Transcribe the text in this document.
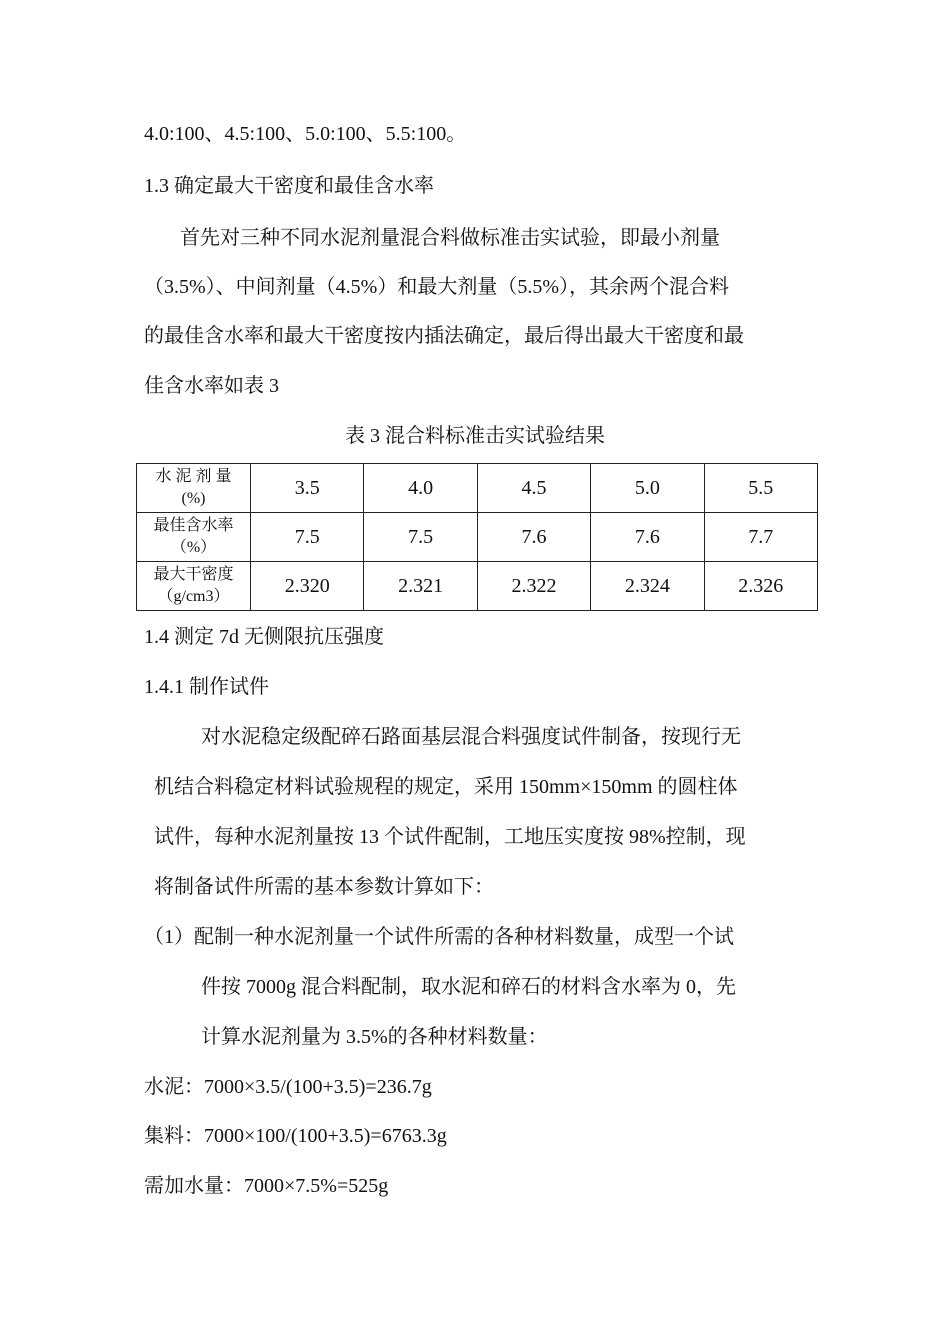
4.0:100、4.5:100、5.0:100、5.5:100。
1.3 确定最大干密度和最佳含水率
首先对三种不同水泥剂量混合料做标准击实试验，即最小剂量
（3.5%）、中间剂量（4.5%）和最大剂量（5.5%），其余两个混合料
的最佳含水率和最大干密度按内插法确定，最后得出最大干密度和最
佳含水率如表 3
表 3 混合料标准击实试验结果
水 泥 剂 量
(%)	3.5	4.0	4.5	5.0	5.5

最佳含水率
（%）	7.5	7.5	7.6	7.6	7.7

最大干密度
（g/cm3）	2.320	2.321	2.322	2.324	2.326
1.4 测定 7d 无侧限抗压强度
1.4.1 制作试件
对水泥稳定级配碎石路面基层混合料强度试件制备，按现行无
机结合料稳定材料试验规程的规定，采用 150mm×150mm 的圆柱体
试件，每种水泥剂量按 13 个试件配制，工地压实度按 98%控制，现
将制备试件所需的基本参数计算如下：
（1）配制一种水泥剂量一个试件所需的各种材料数量，成型一个试
件按 7000g 混合料配制，取水泥和碎石的材料含水率为 0，先
计算水泥剂量为 3.5%的各种材料数量：
水泥：7000×3.5/(100+3.5)=236.7g
集料：7000×100/(100+3.5)=6763.3g
需加水量：7000×7.5%=525g
